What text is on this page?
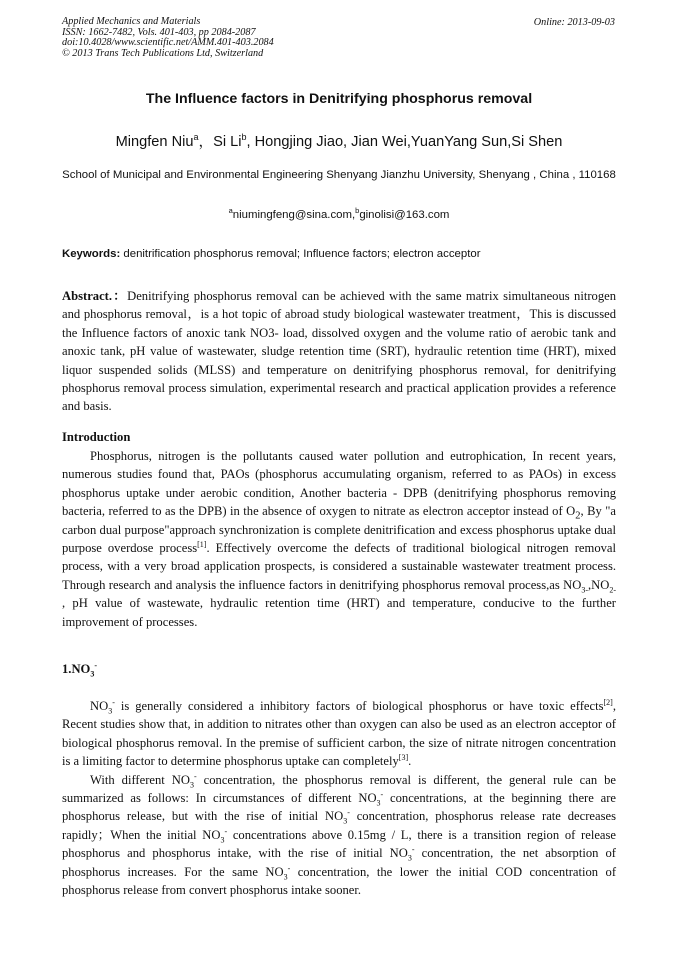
Applied Mechanics and Materials
ISSN: 1662-7482, Vols. 401-403, pp 2084-2087
doi:10.4028/www.scientific.net/AMM.401-403.2084
© 2013 Trans Tech Publications Ltd, Switzerland
Online: 2013-09-03
The Influence factors in Denitrifying phosphorus removal
Mingfen Niu$^a$，Si Li$^b$, Hongjing Jiao, Jian Wei,YuanYang Sun,Si Shen
School of Municipal and Environmental Engineering Shenyang Jianzhu University, Shenyang , China , 110168
$^a$niumingfeng@sina.com,$^b$ginolisi@163.com
Keywords: denitrification phosphorus removal; Influence factors; electron acceptor
Abstract.：Denitrifying phosphorus removal can be achieved with the same matrix simultaneous nitrogen and phosphorus removal，is a hot topic of abroad study biological wastewater treatment，This is discussed the Influence factors of anoxic tank NO3- load, dissolved oxygen and the volume ratio of aerobic tank and anoxic tank, pH value of wastewater, sludge retention time (SRT), hydraulic retention time (HRT), mixed liquor suspended solids (MLSS) and temperature on denitrifying phosphorus removal, for denitrifying phosphorus removal process simulation, experimental research and practical application provides a reference and basis.
Introduction

Phosphorus, nitrogen is the pollutants caused water pollution and eutrophication, In recent years, numerous studies found that, PAOs (phosphorus accumulating organism, referred to as PAOs) in excess phosphorus uptake under aerobic condition, Another bacteria - DPB (denitrifying phosphorus removing bacteria, referred to as the DPB) in the absence of oxygen to nitrate as electron acceptor instead of $O_2$, By "a carbon dual purpose"approach synchronization is complete denitrification and excess phosphorus uptake dual purpose overdose process[1]. Effectively overcome the defects of traditional biological nitrogen removal process, with a very broad application prospects, is considered a sustainable wastewater treatment process. Through research and analysis the influence factors in denitrifying phosphorus removal process,as $NO_{3-},NO_{2-}$ , pH value of wastewate, hydraulic retention time (HRT) and temperature, conducive to the further improvement of processes.

$1.NO_3^-$

$NO_3^-$ is generally considered a inhibitory factors of biological phosphorus or have toxic effects[2], Recent studies show that, in addition to nitrates other than oxygen can also be used as an electron acceptor of biological phosphorus removal. In the premise of sufficient carbon, the size of nitrate nitrogen concentration is a limiting factor to determine phosphorus uptake can completely[3].

With different $NO_3^-$ concentration, the phosphorus removal is different, the general rule can be summarized as follows: In circumstances of different $NO_3^-$ concentrations, at the beginning there are phosphorus release, but with the rise of initial $NO_3^-$ concentration, phosphorus release rate decreases rapidly；When the initial $NO_3^-$ concentrations above 0.15mg / L, there is a transition region of release phosphorus and phosphorus intake, with the rise of initial $NO_3^-$ concentration, the net absorption of phosphorus increases. For the same $NO_3^-$ concentration, the lower the initial COD concentration of phosphorus release from convert phosphorus intake sooner.
